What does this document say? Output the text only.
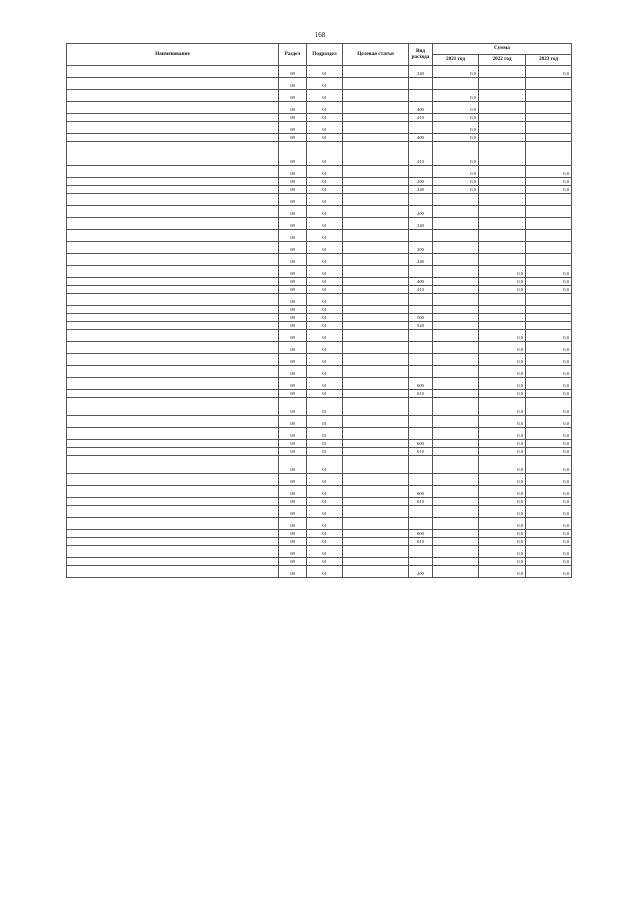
168
Наименование	Раздел	Подраздел	Целевая статья	Вид расхода	Сумма		
					2021 год	2022 год	2023 год
	08	01		240	0,0		0,0
	08	01					
	08	01			0,0		
	08	01		400	0,0		
	08	01		410	0,0		
	08	01			0,0		
	08	01		400	0,0		
	08	01		410	0,0		
	08	01			0,0		0,0
	08	01		200	0,0		0,0
	08	01		240	0,0		0,0
	08	01					
	08	01		200			
	08	01		240			
	08	01					
	08	01		200			
	08	01		240			
	08	01				0,0	0,0
	08	01		400		0,0	0,0
	08	01		410		0,0	0,0
	08	01					
	08	01					
	08	01		500			
	08	01		520			
	08	01				0,0	0,0
	08	01				0,0	0,0
	08	01				0,0	0,0
	08	01				0,0	0,0
	08	01		600		0,0	0,0
	08	01		610		0,0	0,0
	08	01				0,0	0,0
	08	01				0,0	0,0
	08	01				0,0	0,0
	08	01		600		0,0	0,0
	08	01		610		0,0	0,0
	08	01				0,0	0,0
	08	01				0,0	0,0
	08	01		600		0,0	0,0
	08	01		610		0,0	0,0
	08	01				0,0	0,0
	08	01				0,0	0,0
	08	01		600		0,0	0,0
	08	01		610		0,0	0,0
	08	01				0,0	0,0
	08	01				0,0	0,0
	08	01		200		0,0	0,0
